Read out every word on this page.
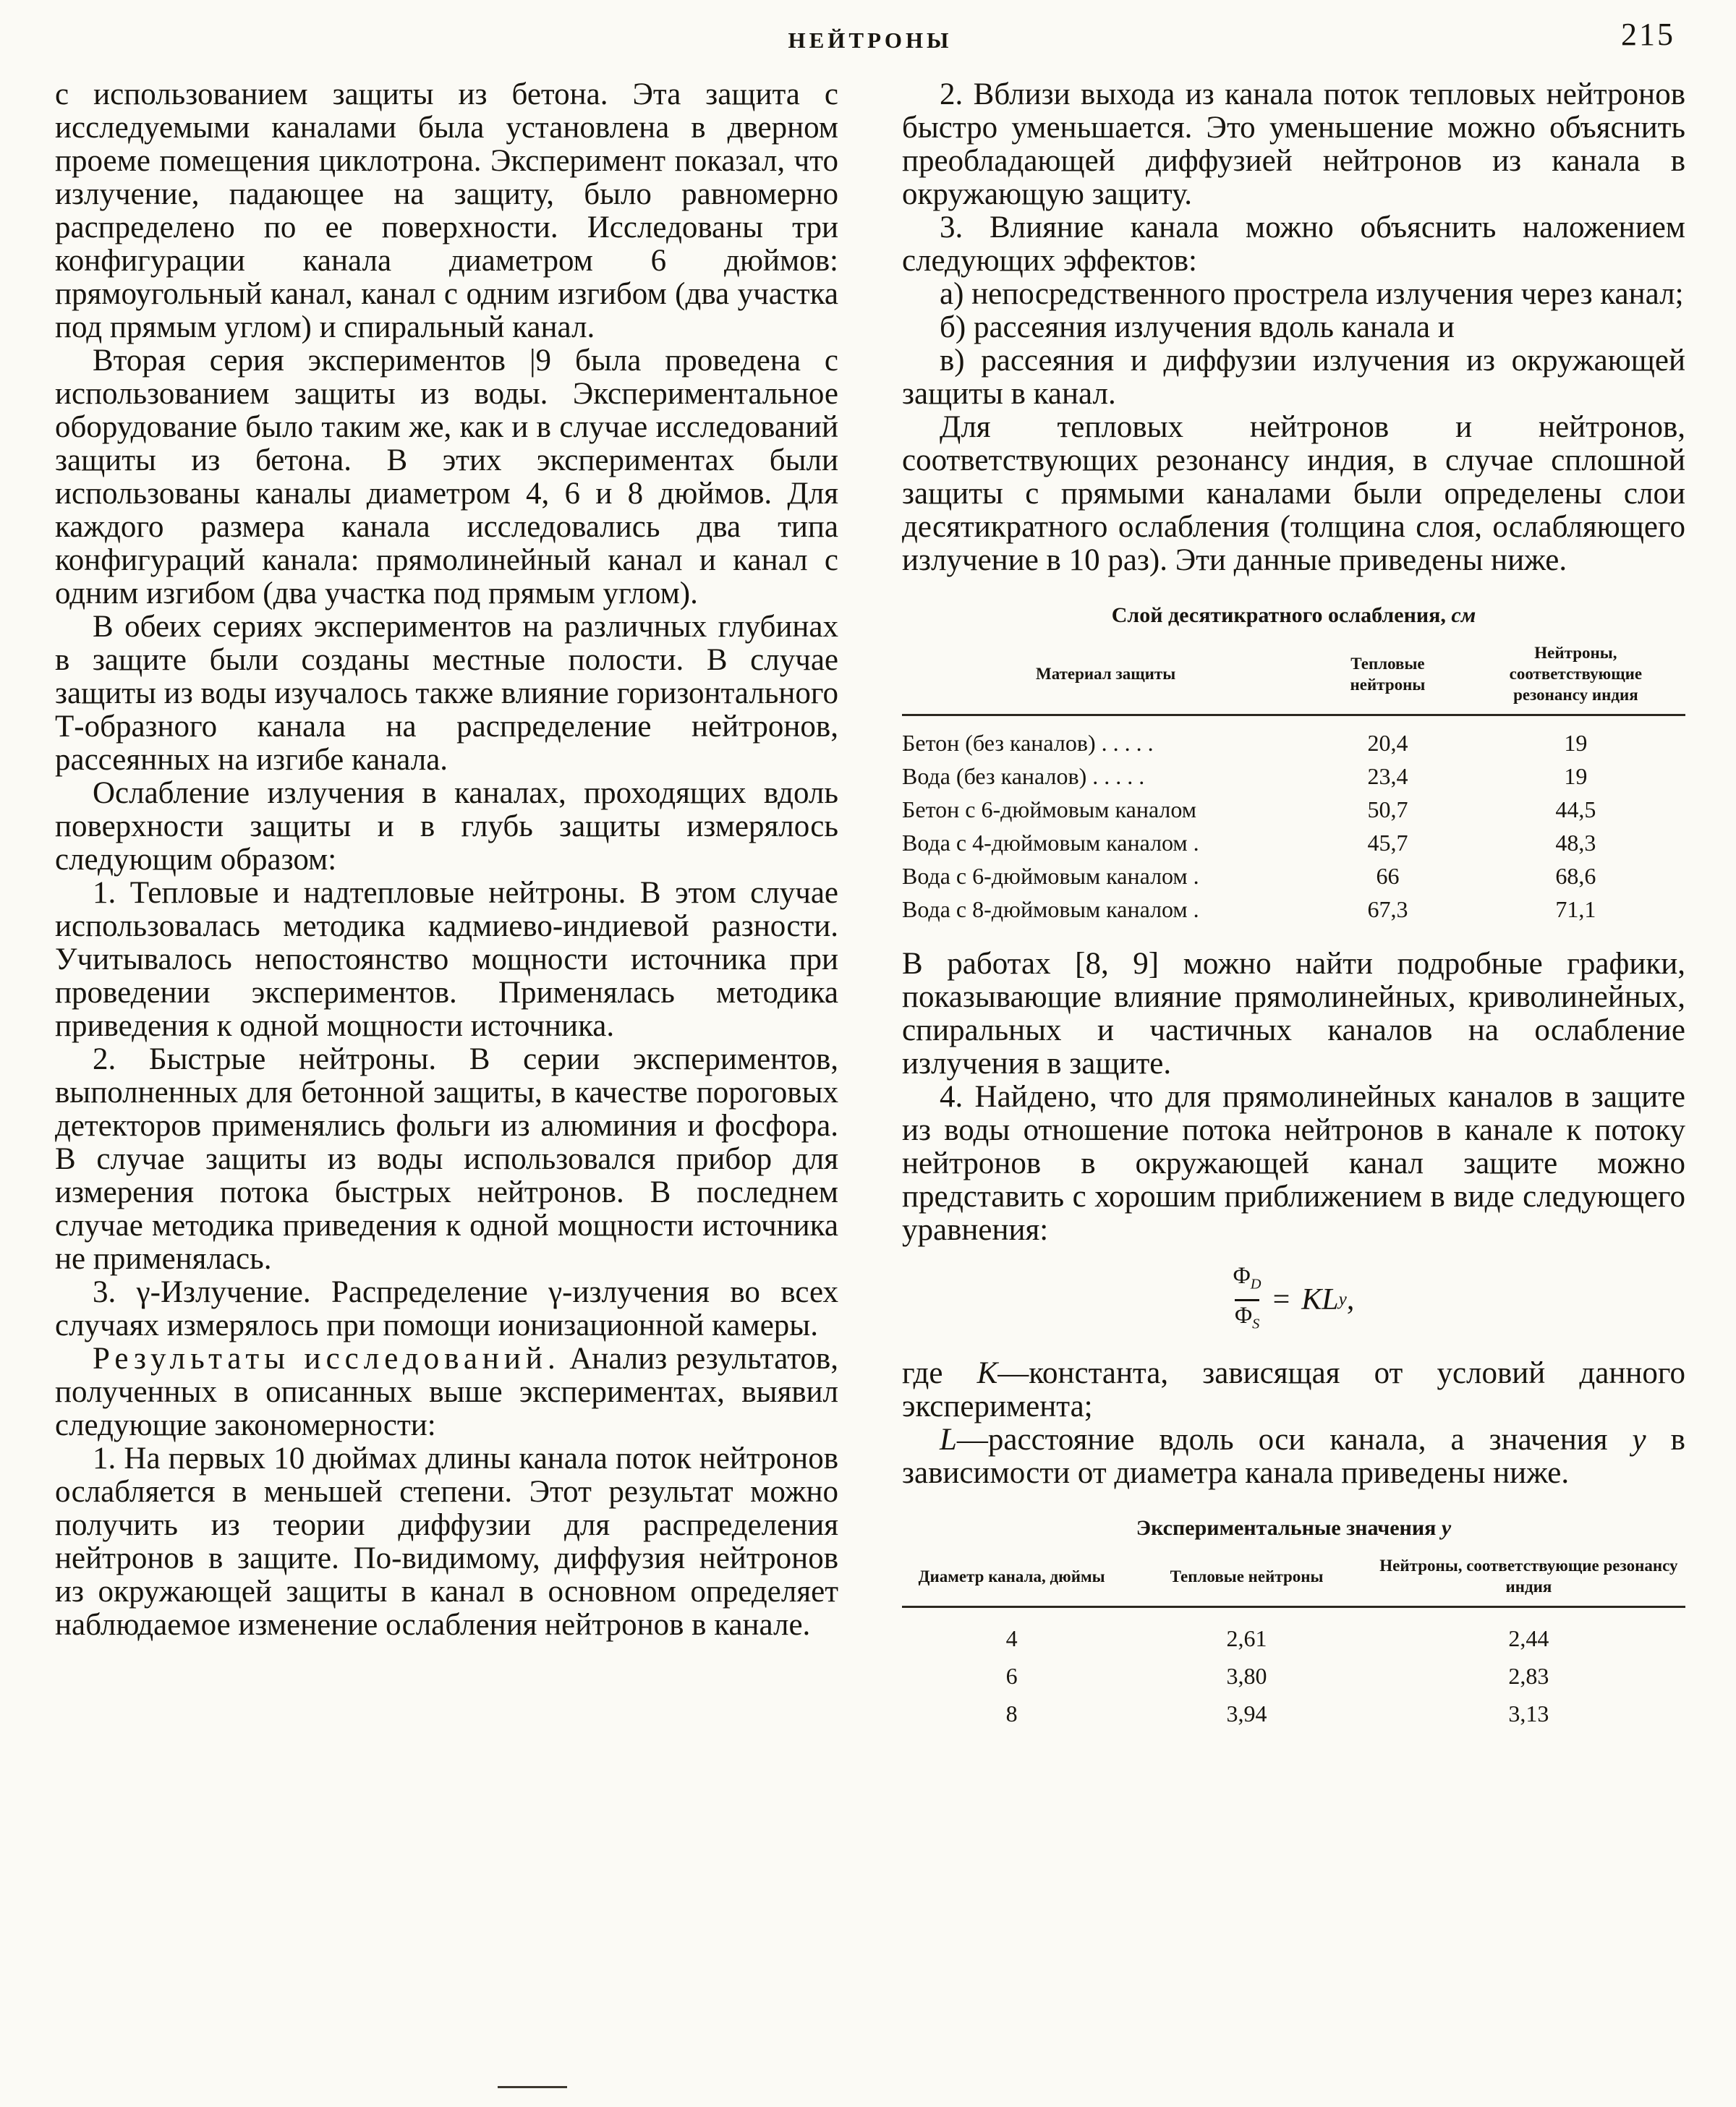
НЕЙТРОНЫ	215

с использованием защиты из бетона. Эта защита с исследуемыми каналами была установлена в дверном проеме помещения циклотрона. Эксперимент показал, что излучение, падающее на защиту, было равномерно распределено по ее поверхности. Исследованы три конфигурации канала диаметром 6 дюймов: прямоугольный канал, канал с одним изгибом (два участка под прямым углом) и спиральный канал.

Вторая серия экспериментов |9 была проведена с использованием защиты из воды. Экспериментальное оборудование было таким же, как и в случае исследований защиты из бетона. В этих экспериментах были использованы каналы диаметром 4, 6 и 8 дюймов. Для каждого размера канала исследовались два типа конфигураций канала: прямолинейный канал и канал с одним изгибом (два участка под прямым углом).

В обеих сериях экспериментов на различных глубинах в защите были созданы местные полости. В случае защиты из воды изучалось также влияние горизонтального Т-образного канала на распределение нейтронов, рассеянных на изгибе канала.

Ослабление излучения в каналах, проходящих вдоль поверхности защиты и в глубь защиты измерялось следующим образом:

1. Тепловые и надтепловые нейтроны. В этом случае использовалась методика кадмиево-индиевой разности. Учитывалось непостоянство мощности источника при проведении экспериментов. Применялась методика приведения к одной мощности источника.

2. Быстрые нейтроны. В серии экспериментов, выполненных для бетонной защиты, в качестве пороговых детекторов применялись фольги из алюминия и фосфора. В случае защиты из воды использовался прибор для измерения потока быстрых нейтронов. В последнем случае методика приведения к одной мощности источника не применялась.

3. γ-Излучение. Распределение γ-излучения во всех случаях измерялось при помощи ионизационной камеры.

Результаты исследований. Анализ результатов, полученных в описанных выше экспериментах, выявил следующие закономерности:

1. На первых 10 дюймах длины канала поток нейтронов ослабляется в меньшей степени. Этот результат можно получить из теории диффузии для распределения нейтронов в защите. По-видимому, диффузия нейтронов из окружающей защиты в канал в основном определяет наблюдаемое изменение ослабления нейтронов в канале.

2. Вблизи выхода из канала поток тепловых нейтронов быстро уменьшается. Это уменьшение можно объяснить преобладающей диффузией нейтронов из канала в окружающую защиту.

3. Влияние канала можно объяснить наложением следующих эффектов:

а) непосредственного прострела излучения через канал;

б) рассеяния излучения вдоль канала и

в) рассеяния и диффузии излучения из окружающей защиты в канал.

Для тепловых нейтронов и нейтронов, соответствующих резонансу индия, в случае сплошной защиты с прямыми каналами были определены слои десятикратного ослабления (толщина слоя, ослабляющего излучение в 10 раз). Эти данные приведены ниже.

Слой десятикратного ослабления, см

Материал защиты	Тепловые нейтроны	Нейтроны, соответствующие резонансу индия
Бетон (без каналов) . . . . .	20,4	19
Вода (без каналов) . . . . .	23,4	19
Бетон с 6-дюймовым каналом	50,7	44,5
Вода с 4-дюймовым каналом .	45,7	48,3
Вода с 6-дюймовым каналом .	66	68,6
Вода с 8-дюймовым каналом .	67,3	71,1

В работах [8, 9] можно найти подробные графики, показывающие влияние прямолинейных, криволинейных, спиральных и частичных каналов на ослабление излучения в защите.

4. Найдено, что для прямолинейных каналов в защите из воды отношение потока нейтронов в канале к потоку нейтронов в окружающей канал защите можно представить с хорошим приближением в виде следующего уравнения:

$\frac{\Phi_D}{\Phi_S}$ = KL y ,

где K—константа, зависящая от условий данного эксперимента;

L—расстояние вдоль оси канала, а значения y в зависимости от диаметра канала приведены ниже.

Экспериментальные значения y

Диаметр канала, дюймы	Тепловые нейтроны	Нейтроны, соответствующие резонансу индия
4	2,61	2,44
6	3,80	2,83
8	3,94	3,13
